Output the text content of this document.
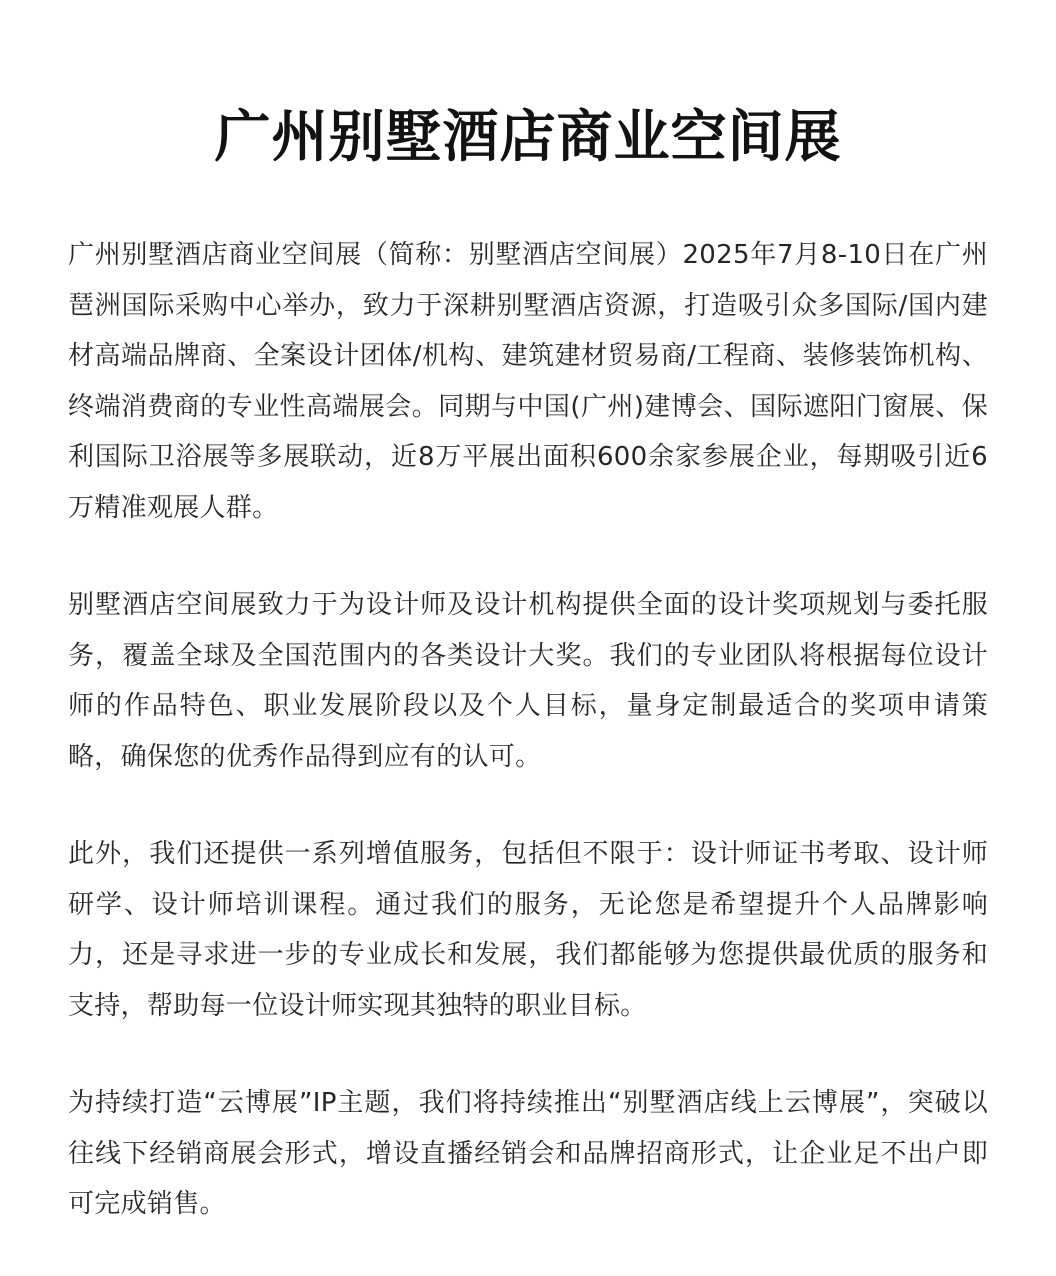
广州别墅酒店商业空间展

广州别墅酒店商业空间展（简称：别墅酒店空间展）2025年7月8-10日在广州琶洲国际采购中心举办，致力于深耕别墅酒店资源，打造吸引众多国际/国内建材高端品牌商、全案设计团体/机构、建筑建材贸易商/工程商、装修装饰机构、终端消费商的专业性高端展会。同期与中国(广州)建博会、国际遮阳门窗展、保利国际卫浴展等多展联动，近8万平展出面积600余家参展企业，每期吸引近6万精准观展人群。

别墅酒店空间展致力于为设计师及设计机构提供全面的设计奖项规划与委托服务，覆盖全球及全国范围内的各类设计大奖。我们的专业团队将根据每位设计师的作品特色、职业发展阶段以及个人目标，量身定制最适合的奖项申请策略，确保您的优秀作品得到应有的认可。

此外，我们还提供一系列增值服务，包括但不限于：设计师证书考取、设计师研学、设计师培训课程。通过我们的服务，无论您是希望提升个人品牌影响力，还是寻求进一步的专业成长和发展，我们都能够为您提供最优质的服务和支持，帮助每一位设计师实现其独特的职业目标。

为持续打造“云博展”IP主题，我们将持续推出“别墅酒店线上云博展”，突破以往线下经销商展会形式，增设直播经销会和品牌招商形式，让企业足不出户即可完成销售。
